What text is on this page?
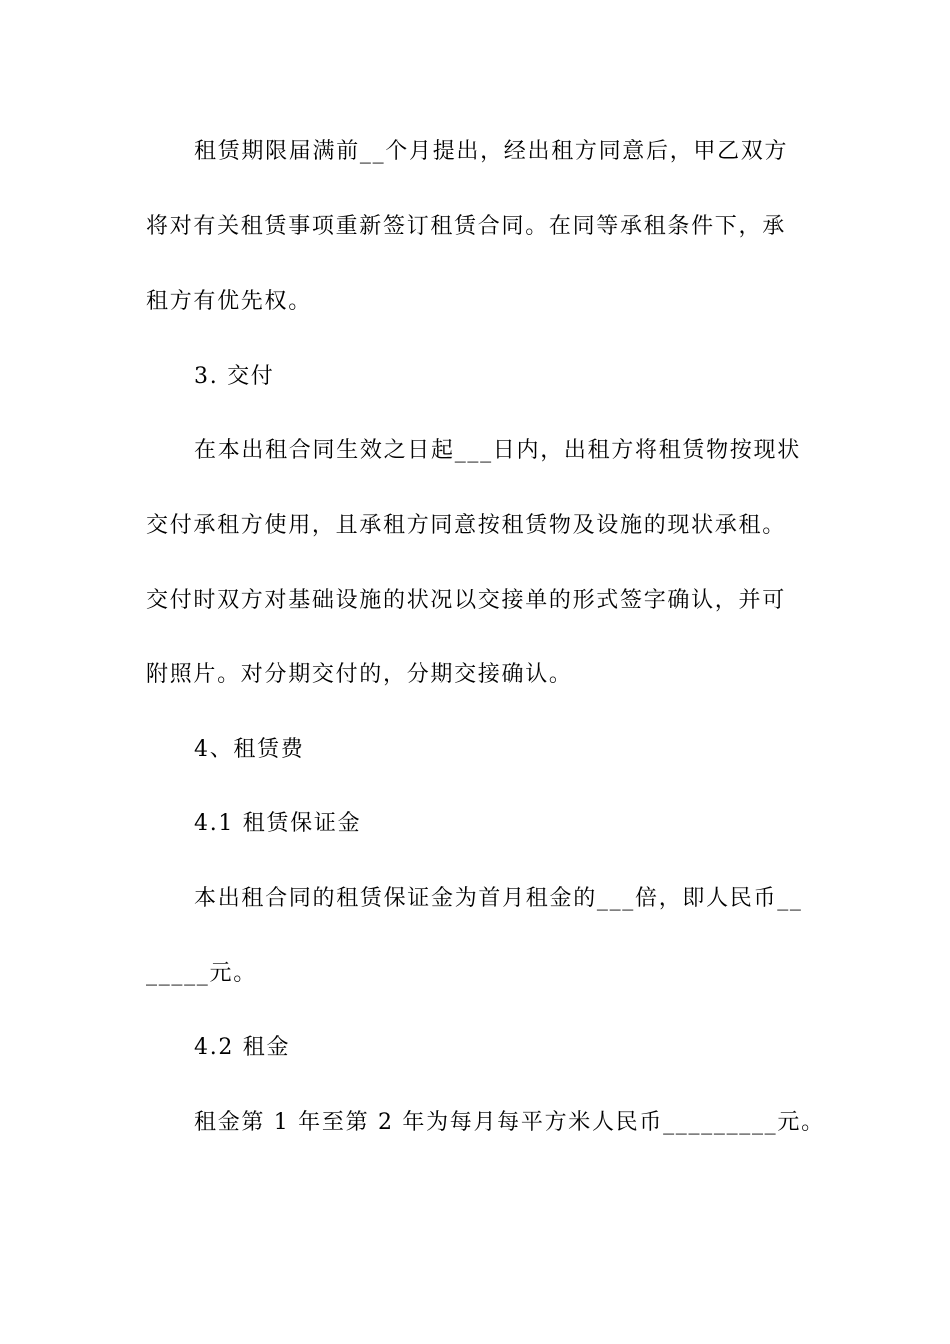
租赁期限届满前__个月提出，经出租方同意后，甲乙双方
将对有关租赁事项重新签订租赁合同。在同等承租条件下，承
租方有优先权。
3. 交付
在本出租合同生效之日起___日内，出租方将租赁物按现状
交付承租方使用，且承租方同意按租赁物及设施的现状承租。
交付时双方对基础设施的状况以交接单的形式签字确认，并可
附照片。对分期交付的，分期交接确认。
4、租赁费
4.1 租赁保证金
本出租合同的租赁保证金为首月租金的___倍，即人民币__
_____元。
4.2 租金
租金第 1 年至第 2 年为每月每平方米人民币_________元。
